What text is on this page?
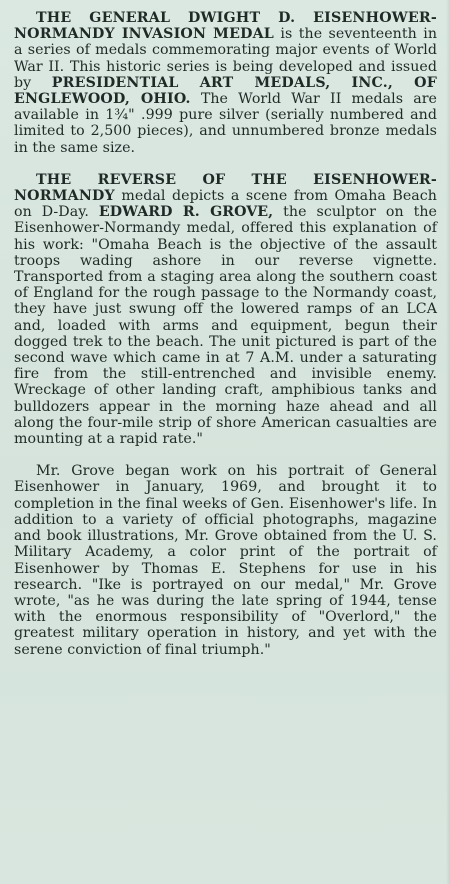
THE GENERAL DWIGHT D. EISENHOWER-NORMANDY INVASION MEDAL is the seventeenth in a series of medals commemorating major events of World War II. This historic series is being developed and issued by PRESIDENTIAL ART MEDALS, INC., OF ENGLEWOOD, OHIO. The World War II medals are available in 1¾" .999 pure silver (serially numbered and limited to 2,500 pieces), and unnumbered bronze medals in the same size.

THE REVERSE OF THE EISENHOWER-NORMANDY medal depicts a scene from Omaha Beach on D-Day. EDWARD R. GROVE, the sculptor on the Eisenhower-Normandy medal, offered this explanation of his work: "Omaha Beach is the objective of the assault troops wading ashore in our reverse vignette. Transported from a staging area along the southern coast of England for the rough passage to the Normandy coast, they have just swung off the lowered ramps of an LCA and, loaded with arms and equipment, begun their dogged trek to the beach. The unit pictured is part of the second wave which came in at 7 A.M. under a saturating fire from the still-entrenched and invisible enemy. Wreckage of other landing craft, amphibious tanks and bulldozers appear in the morning haze ahead and all along the four-mile strip of shore American casualties are mounting at a rapid rate."

Mr. Grove began work on his portrait of General Eisenhower in January, 1969, and brought it to completion in the final weeks of Gen. Eisenhower's life. In addition to a variety of official photographs, magazine and book illustrations, Mr. Grove obtained from the U. S. Military Academy, a color print of the portrait of Eisenhower by Thomas E. Stephens for use in his research. "Ike is portrayed on our medal," Mr. Grove wrote, "as he was during the late spring of 1944, tense with the enormous responsibility of "Overlord," the greatest military operation in history, and yet with the serene conviction of final triumph."
